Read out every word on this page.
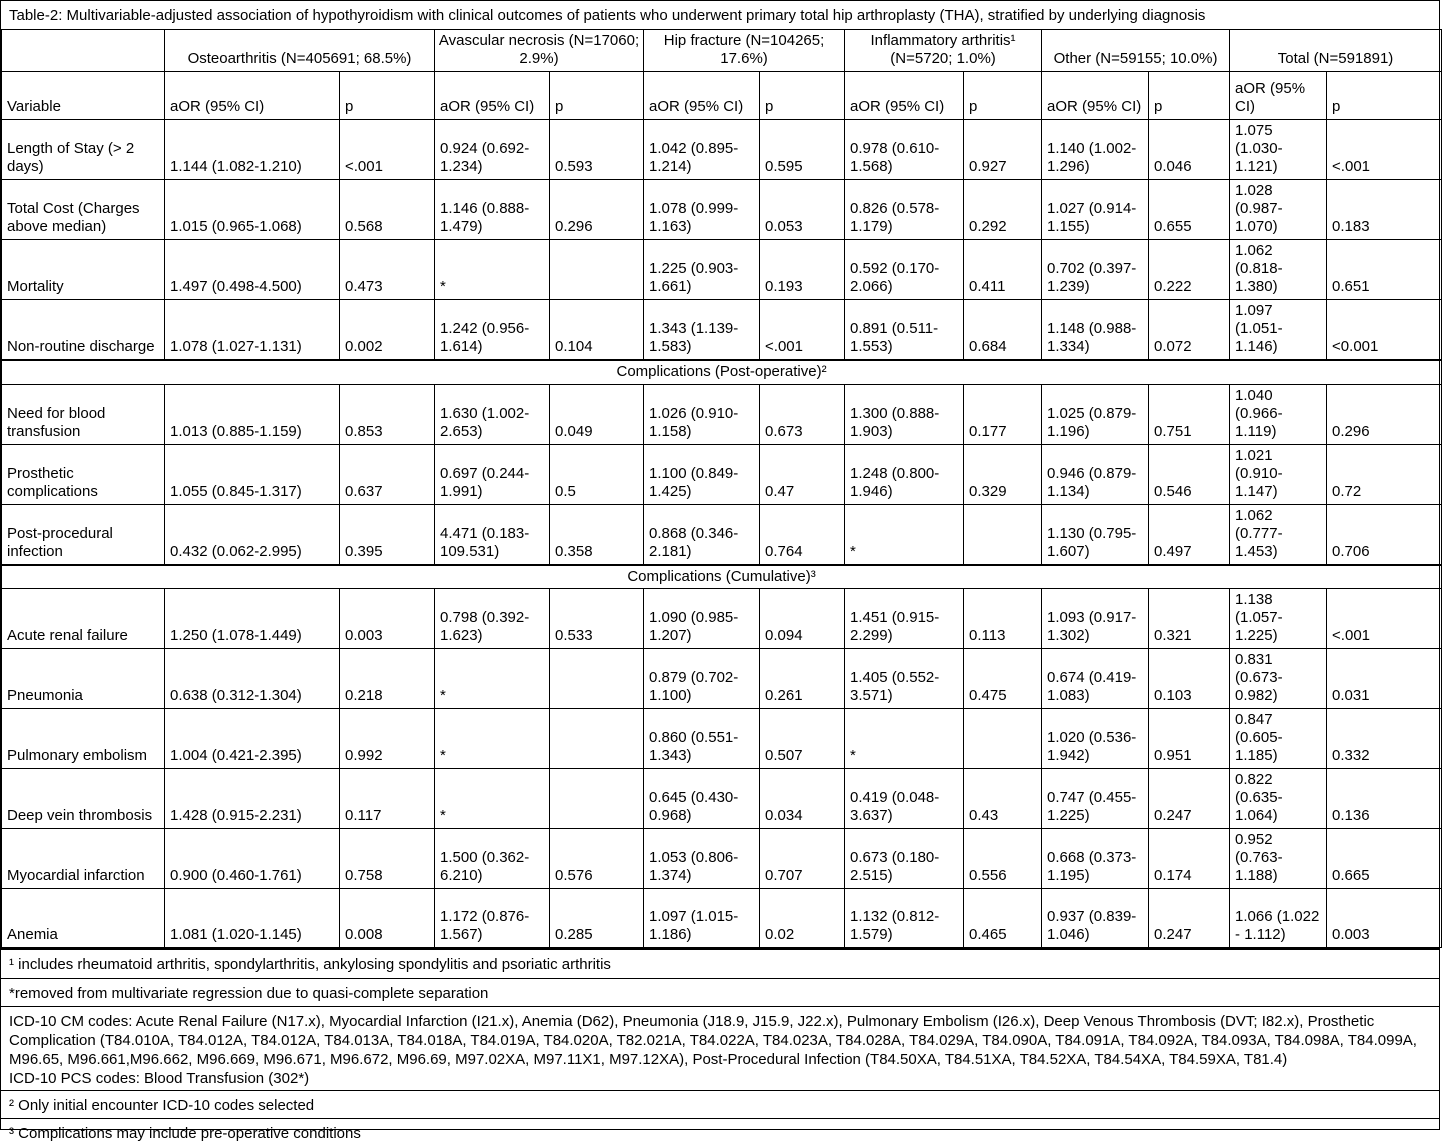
Table-2: Multivariable-adjusted association of hypothyroidism with clinical outcomes of patients who underwent primary total hip arthroplasty (THA), stratified by underlying diagnosis
	Osteoarthritis (N=405691; 68.5%)		Avascular necrosis (N=17060; 2.9%)		Hip fracture (N=104265; 17.6%)		Inflammatory arthritis¹ (N=5720; 1.0%)		Other (N=59155; 10.0%)		Total (N=591891)	
Variable	aOR (95% CI)	p	aOR (95% CI)	p	aOR (95% CI)	p	aOR (95% CI)	p	aOR (95% CI)	p	aOR (95% CI)	p
Length of Stay (> 2 days)	1.144 (1.082-1.210)	<.001	0.924 (0.692-1.234)	0.593	1.042 (0.895-1.214)	0.595	0.978 (0.610-1.568)	0.927	1.140 (1.002-1.296)	0.046	1.075 (1.030-1.121)	<.001
Total Cost (Charges above median)	1.015 (0.965-1.068)	0.568	1.146 (0.888-1.479)	0.296	1.078 (0.999-1.163)	0.053	0.826 (0.578-1.179)	0.292	1.027 (0.914-1.155)	0.655	1.028 (0.987-1.070)	0.183
Mortality	1.497 (0.498-4.500)	0.473	*		1.225 (0.903-1.661)	0.193	0.592 (0.170-2.066)	0.411	0.702 (0.397-1.239)	0.222	1.062 (0.818-1.380)	0.651
Non-routine discharge	1.078 (1.027-1.131)	0.002	1.242 (0.956-1.614)	0.104	1.343 (1.139-1.583)	<.001	0.891 (0.511-1.553)	0.684	1.148 (0.988-1.334)	0.072	1.097 (1.051-1.146)	<0.001
Complications (Post-operative)²												
Need for blood transfusion	1.013 (0.885-1.159)	0.853	1.630 (1.002-2.653)	0.049	1.026 (0.910-1.158)	0.673	1.300 (0.888-1.903)	0.177	1.025 (0.879-1.196)	0.751	1.040 (0.966-1.119)	0.296
Prosthetic complications	1.055 (0.845-1.317)	0.637	0.697 (0.244-1.991)	0.5	1.100 (0.849-1.425)	0.47	1.248 (0.800-1.946)	0.329	0.946 (0.879-1.134)	0.546	1.021 (0.910-1.147)	0.72
Post-procedural infection	0.432 (0.062-2.995)	0.395	4.471 (0.183-109.531)	0.358	0.868 (0.346-2.181)	0.764	*		1.130 (0.795-1.607)	0.497	1.062 (0.777-1.453)	0.706
Complications (Cumulative)³												
Acute renal failure	1.250 (1.078-1.449)	0.003	0.798 (0.392-1.623)	0.533	1.090 (0.985-1.207)	0.094	1.451 (0.915-2.299)	0.113	1.093 (0.917-1.302)	0.321	1.138 (1.057-1.225)	<.001
Pneumonia	0.638 (0.312-1.304)	0.218	*		0.879 (0.702-1.100)	0.261	1.405 (0.552-3.571)	0.475	0.674 (0.419-1.083)	0.103	0.831 (0.673-0.982)	0.031
Pulmonary embolism	1.004 (0.421-2.395)	0.992	*		0.860 (0.551-1.343)	0.507	*		1.020 (0.536-1.942)	0.951	0.847 (0.605-1.185)	0.332
Deep vein thrombosis	1.428 (0.915-2.231)	0.117	*		0.645 (0.430-0.968)	0.034	0.419 (0.048-3.637)	0.43	0.747 (0.455-1.225)	0.247	0.822 (0.635-1.064)	0.136
Myocardial infarction	0.900 (0.460-1.761)	0.758	1.500 (0.362-6.210)	0.576	1.053 (0.806-1.374)	0.707	0.673 (0.180-2.515)	0.556	0.668 (0.373-1.195)	0.174	0.952 (0.763-1.188)	0.665
Anemia	1.081 (1.020-1.145)	0.008	1.172 (0.876-1.567)	0.285	1.097 (1.015-1.186)	0.02	1.132 (0.812-1.579)	0.465	0.937 (0.839-1.046)	0.247	1.066 (1.022 - 1.112)	0.003
¹ includes rheumatoid arthritis, spondylarthritis, ankylosing spondylitis and psoriatic arthritis
*removed from multivariate regression due to quasi-complete separation
ICD-10 CM codes: Acute Renal Failure (N17.x), Myocardial Infarction (I21.x), Anemia (D62), Pneumonia (J18.9, J15.9, J22.x), Pulmonary Embolism (I26.x), Deep Venous Thrombosis (DVT; I82.x), Prosthetic Complication (T84.010A, T84.012A, T84.012A, T84.013A, T84.018A, T84.019A, T84.020A, T82.021A, T84.022A, T84.023A, T84.028A, T84.029A, T84.090A, T84.091A, T84.092A, T84.093A, T84.098A, T84.099A, M96.65, M96.661,M96.662, M96.669, M96.671, M96.672, M96.69, M97.02XA, M97.11X1, M97.12XA), Post-Procedural Infection (T84.50XA, T84.51XA, T84.52XA, T84.54XA, T84.59XA, T81.4)
ICD-10 PCS codes: Blood Transfusion (302*)
² Only initial encounter ICD-10 codes selected
³ Complications may include pre-operative conditions
